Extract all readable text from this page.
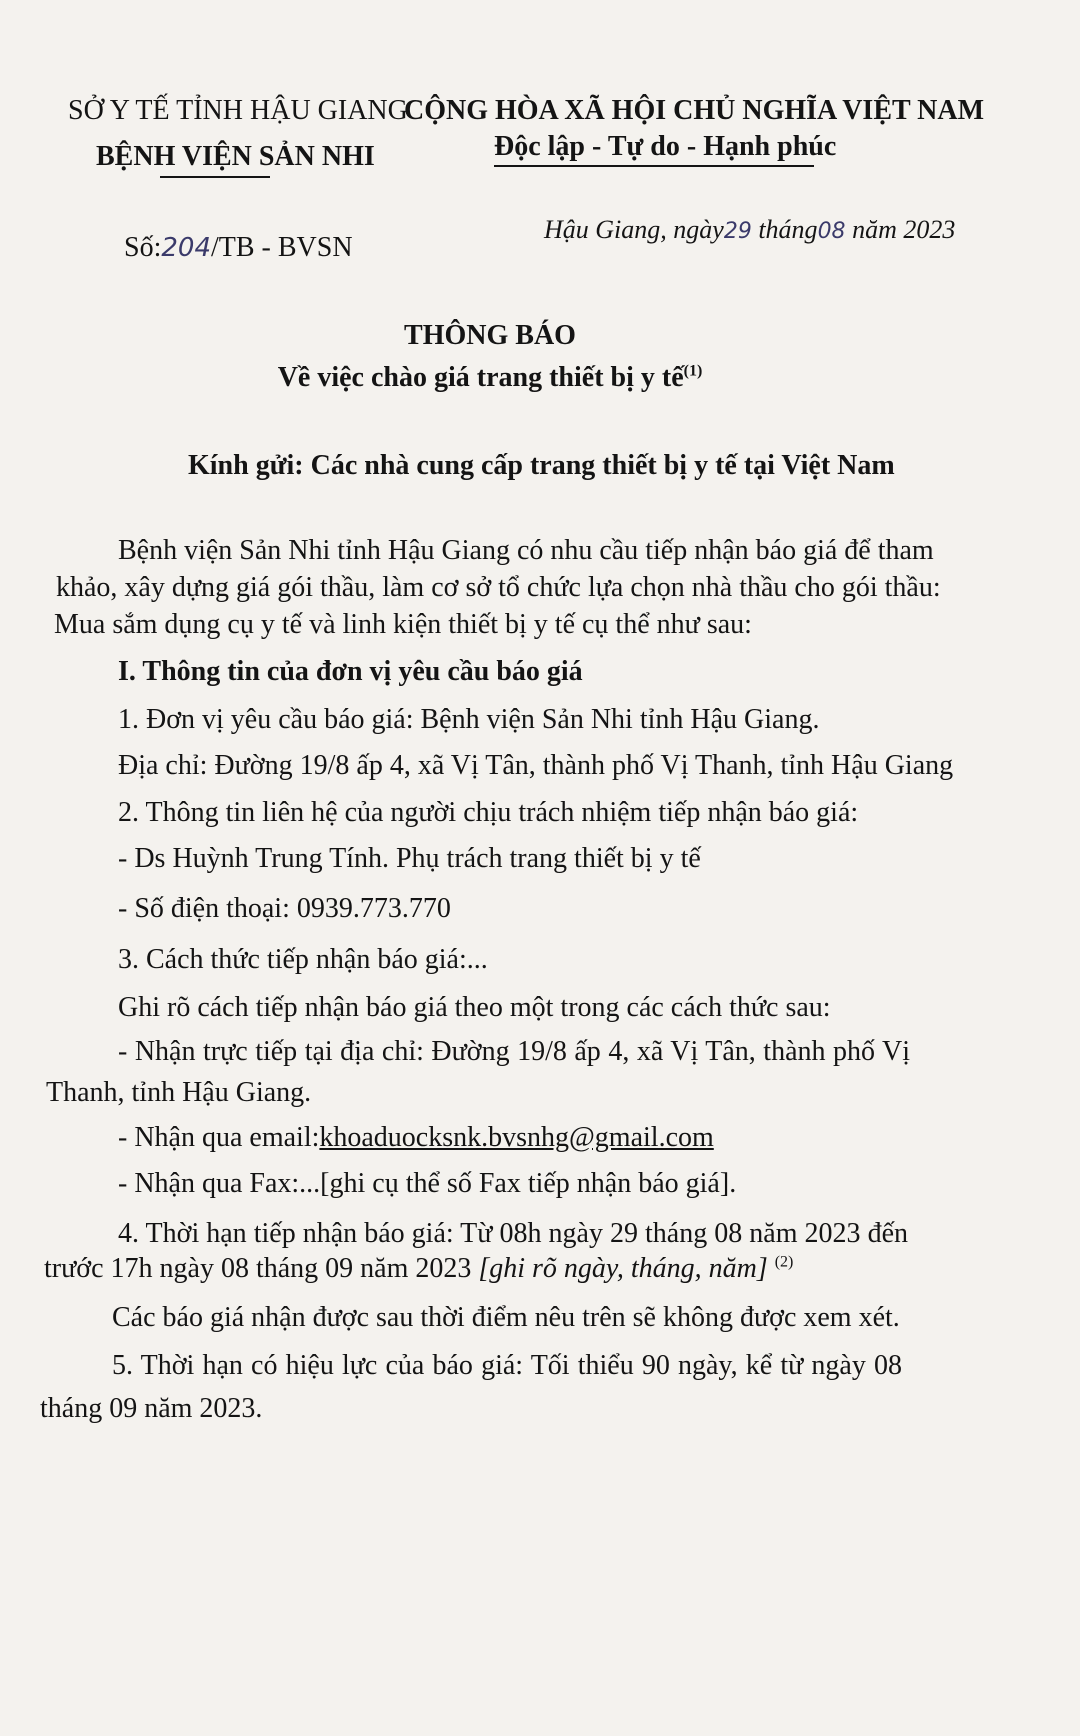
SỞ Y TẾ TỈNH HẬU GIANG
BỆNH VIỆN SẢN NHI
CỘNG HÒA XÃ HỘI CHỦ NGHĨA VIỆT NAM
Độc lập - Tự do - Hạnh phúc
Số:204/TB - BVSN
Hậu Giang, ngày29 tháng08 năm 2023
THÔNG BÁO
Về việc chào giá trang thiết bị y tế$^{(1)}$
Kính gửi: Các nhà cung cấp trang thiết bị y tế tại Việt Nam
Bệnh viện Sản Nhi tỉnh Hậu Giang có nhu cầu tiếp nhận báo giá để tham
khảo, xây dựng giá gói thầu, làm cơ sở tổ chức lựa chọn nhà thầu cho gói thầu:
Mua sắm dụng cụ y tế và linh kiện thiết bị y tế cụ thể như sau:
I. Thông tin của đơn vị yêu cầu báo giá
1. Đơn vị yêu cầu báo giá: Bệnh viện Sản Nhi tỉnh Hậu Giang.
Địa chỉ: Đường 19/8 ấp 4, xã Vị Tân, thành phố Vị Thanh, tỉnh Hậu Giang
2. Thông tin liên hệ của người chịu trách nhiệm tiếp nhận báo giá:
- Ds Huỳnh Trung Tính. Phụ trách trang thiết bị y tế
- Số điện thoại: 0939.773.770
3. Cách thức tiếp nhận báo giá:...
Ghi rõ cách tiếp nhận báo giá theo một trong các cách thức sau:
- Nhận trực tiếp tại địa chỉ: Đường 19/8 ấp 4, xã Vị Tân, thành phố Vị
Thanh, tỉnh Hậu Giang.
- Nhận qua email:khoaduocksnk.bvsnhg@gmail.com
- Nhận qua Fax:...[ghi cụ thể số Fax tiếp nhận báo giá].
4. Thời hạn tiếp nhận báo giá: Từ 08h ngày 29 tháng 08 năm 2023 đến
trước 17h ngày 08 tháng 09 năm 2023 [ghi rõ ngày, tháng, năm] $^{(2)}$
Các báo giá nhận được sau thời điểm nêu trên sẽ không được xem xét.
5. Thời hạn có hiệu lực của báo giá: Tối thiểu 90 ngày, kể từ ngày 08
tháng 09 năm 2023.
